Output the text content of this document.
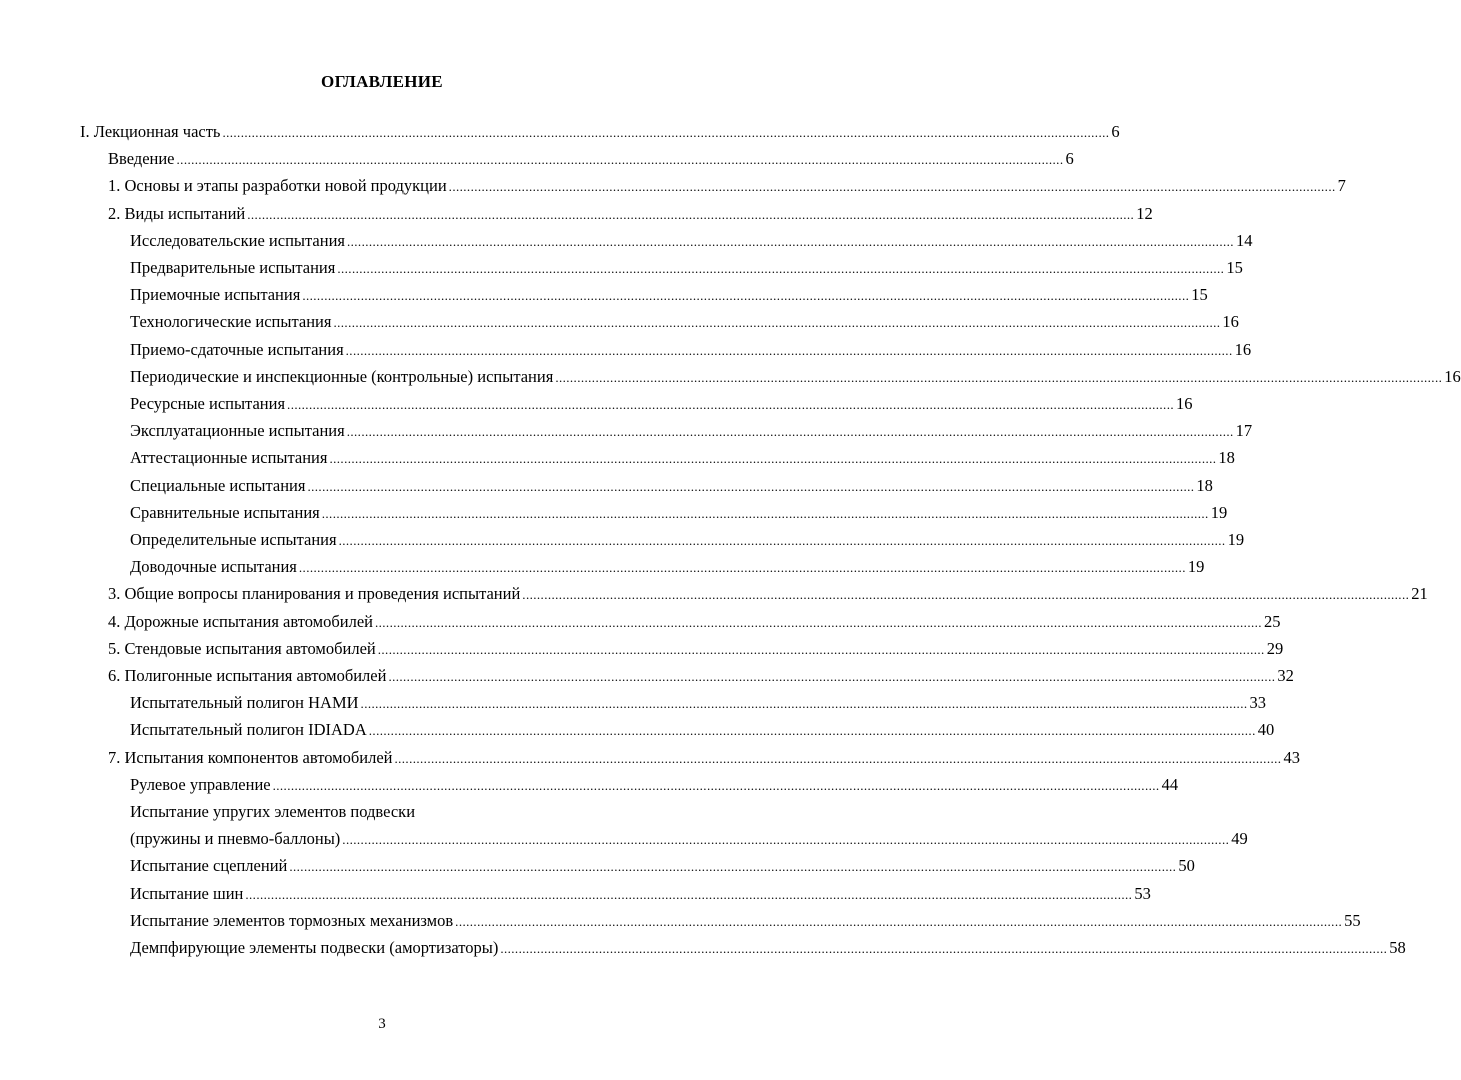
ОГЛАВЛЕНИЕ
I. Лекционная часть .....	6
Введение .....	6
1. Основы и этапы разработки новой продукции .....	7
2. Виды испытаний .....	12
Исследовательские испытания .....	14
Предварительные испытания .....	15
Приемочные испытания .....	15
Технологические испытания .....	16
Приемо-сдаточные испытания .....	16
Периодические и инспекционные (контрольные) испытания .....	16
Ресурсные испытания .....	16
Эксплуатационные испытания .....	17
Аттестационные испытания .....	18
Специальные испытания .....	18
Сравнительные испытания .....	19
Определительные испытания .....	19
Доводочные испытания .....	19
3. Общие вопросы планирования и проведения испытаний .....	21
4. Дорожные испытания автомобилей .....	25
5. Стендовые испытания автомобилей .....	29
6. Полигонные испытания автомобилей .....	32
Испытательный полигон НАМИ .....	33
Испытательный полигон IDIADA .....	40
7. Испытания компонентов автомобилей .....	43
Рулевое управление .....	44
Испытание упругих элементов подвески
(пружины и пневмо-баллоны) .....	49
Испытание сцеплений .....	50
Испытание шин .....	53
Испытание элементов тормозных механизмов .....	55
Демпфирующие элементы подвески (амортизаторы) .....	58
3
